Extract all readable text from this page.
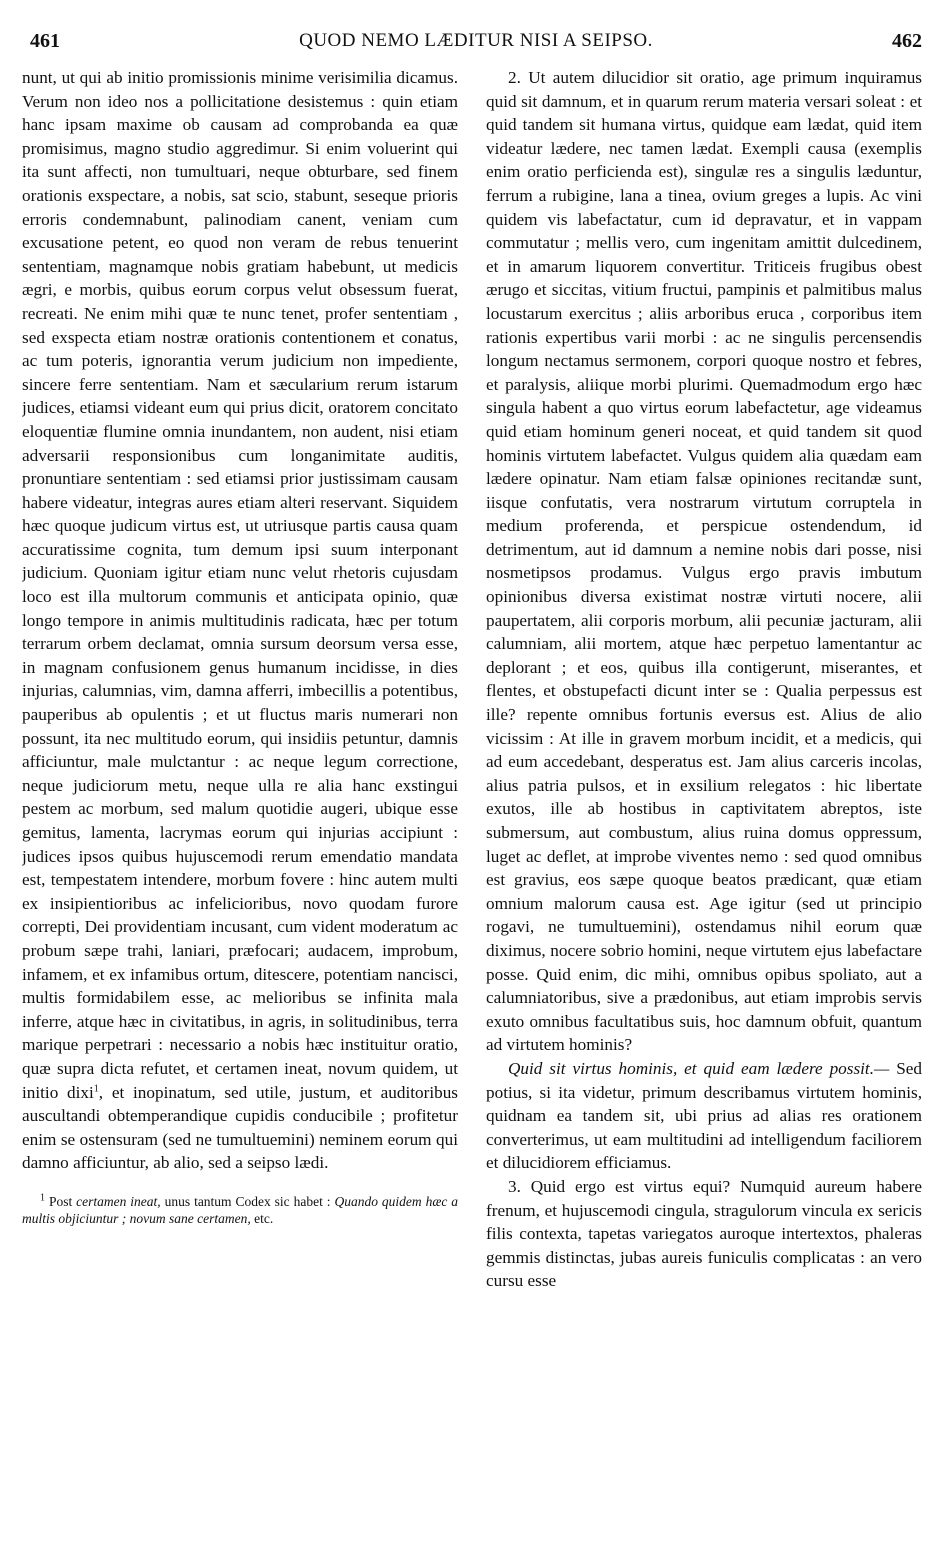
461	QUOD NEMO LÆDITUR NISI A SEIPSO.	462

nunt, ut qui ab initio promissionis minime verisimilia dicamus. Verum non ideo nos a pollicitatione desistemus : quin etiam hanc ipsam maxime ob causam ad comprobanda ea quæ promisimus, magno studio aggredimur. Si enim voluerint qui ita sunt affecti, non tumultuari, neque obturbare, sed finem orationis exspectare, a nobis, sat scio, stabunt, seseque prioris erroris condemnabunt, palinodiam canent, veniam cum excusatione petent, eo quod non veram de rebus tenuerint sententiam, magnamque nobis gratiam habebunt, ut medicis ægri, e morbis, quibus eorum corpus velut obsessum fuerat, recreati. Ne enim mihi quæ te nunc tenet, profer sententiam , sed exspecta etiam nostræ orationis contentionem et conatus, ac tum poteris, ignorantia verum judicium non impediente, sincere ferre sententiam. Nam et sæcularium rerum istarum judices, etiamsi videant eum qui prius dicit, oratorem concitato eloquentiæ flumine omnia inundantem, non audent, nisi etiam adversarii responsionibus cum longanimitate auditis, pronuntiare sententiam : sed etiamsi prior justissimam causam habere videatur, integras aures etiam alteri reservant. Siquidem hæc quoque judicum virtus est, ut utriusque partis causa quam accuratissime cognita, tum demum ipsi suum interponant judicium. Quoniam igitur etiam nunc velut rhetoris cujusdam loco est illa multorum communis et anticipata opinio, quæ longo tempore in animis multitudinis radicata, hæc per totum terrarum orbem declamat, omnia sursum deorsum versa esse, in magnam confusionem genus humanum incidisse, in dies injurias, calumnias, vim, damna afferri, imbecillis a potentibus, pauperibus ab opulentis ; et ut fluctus maris numerari non possunt, ita nec multitudo eorum, qui insidiis petuntur, damnis afficiuntur, male mulctantur : ac neque legum correctione, neque judiciorum metu, neque ulla re alia hanc exstingui pestem ac morbum, sed malum quotidie augeri, ubique esse gemitus, lamenta, lacrymas eorum qui injurias accipiunt : judices ipsos quibus hujuscemodi rerum emendatio mandata est, tempestatem intendere, morbum fovere : hinc autem multi ex insipientioribus ac infelicioribus, novo quodam furore correpti, Dei providentiam incusant, cum vident moderatum ac probum sæpe trahi, laniari, præfocari; audacem, improbum, infamem, et ex infamibus ortum, ditescere, potentiam nancisci, multis formidabilem esse, ac melioribus se infinita mala inferre, atque hæc in civitatibus, in agris, in solitudinibus, terra marique perpetrari : necessario a nobis hæc instituitur oratio, quæ supra dicta refutet, et certamen ineat, novum quidem, ut initio dixi$^1$, et inopinatum, sed utile, justum, et auditoribus auscultandi obtemperandique cupidis conducibile ; profitetur enim se ostensuram (sed ne tumultuemini) neminem eorum qui damno afficiuntur, ab alio, sed a seipso lædi.

$^1$ Post certamen ineat, unus tantum Codex sic habet : Quando quidem hæc a multis objiciuntur ; novum sane certamen, etc.

2. Ut autem dilucidior sit oratio, age primum inquiramus quid sit damnum, et in quarum rerum materia versari soleat : et quid tandem sit humana virtus, quidque eam lædat, quid item videatur lædere, nec tamen lædat. Exempli causa (exemplis enim oratio perficienda est), singulæ res a singulis læduntur, ferrum a rubigine, lana a tinea, ovium greges a lupis. Ac vini quidem vis labefactatur, cum id depravatur, et in vappam commutatur ; mellis vero, cum ingenitam amittit dulcedinem, et in amarum liquorem convertitur. Triticeis frugibus obest ærugo et siccitas, vitium fructui, pampinis et palmitibus malus locustarum exercitus ; aliis arboribus eruca , corporibus item rationis expertibus varii morbi : ac ne singulis percensendis longum nectamus sermonem, corpori quoque nostro et febres, et paralysis, aliique morbi plurimi. Quemadmodum ergo hæc singula habent a quo virtus eorum labefactetur, age videamus quid etiam hominum generi noceat, et quid tandem sit quod hominis virtutem labefactet. Vulgus quidem alia quædam eam lædere opinatur. Nam etiam falsæ opiniones recitandæ sunt, iisque confutatis, vera nostrarum virtutum corruptela in medium proferenda, et perspicue ostendendum, id detrimentum, aut id damnum a nemine nobis dari posse, nisi nosmetipsos prodamus. Vulgus ergo pravis imbutum opinionibus diversa existimat nostræ virtuti nocere, alii paupertatem, alii corporis morbum, alii pecuniæ jacturam, alii calumniam, alii mortem, atque hæc perpetuo lamentantur ac deplorant ; et eos, quibus illa contigerunt, miserantes, et flentes, et obstupefacti dicunt inter se : Qualia perpessus est ille? repente omnibus fortunis eversus est. Alius de alio vicissim : At ille in gravem morbum incidit, et a medicis, qui ad eum accedebant, desperatus est. Jam alius carceris incolas, alius patria pulsos, et in exsilium relegatos : hic libertate exutos, ille ab hostibus in captivitatem abreptos, iste submersum, aut combustum, alius ruina domus oppressum, luget ac deflet, at improbe viventes nemo : sed quod omnibus est gravius, eos sæpe quoque beatos prædicant, quæ etiam omnium malorum causa est. Age igitur (sed ut principio rogavi, ne tumultuemini), ostendamus nihil eorum quæ diximus, nocere sobrio homini, neque virtutem ejus labefactare posse. Quid enim, dic mihi, omnibus opibus spoliato, aut a calumniatoribus, sive a prædonibus, aut etiam improbis servis exuto omnibus facultatibus suis, hoc damnum obfuit, quantum ad virtutem hominis?

Quid sit virtus hominis, et quid eam lædere possit.— Sed potius, si ita videtur, primum describamus virtutem hominis, quidnam ea tandem sit, ubi prius ad alias res orationem converterimus, ut eam multitudini ad intelligendum faciliorem et dilucidiorem efficiamus.

3. Quid ergo est virtus equi? Numquid aureum habere frenum, et hujuscemodi cingula, stragulorum vincula ex sericis filis contexta, tapetas variegatos auroque intertextos, phaleras gemmis distinctas, jubas aureis funiculis complicatas : an vero cursu esse
